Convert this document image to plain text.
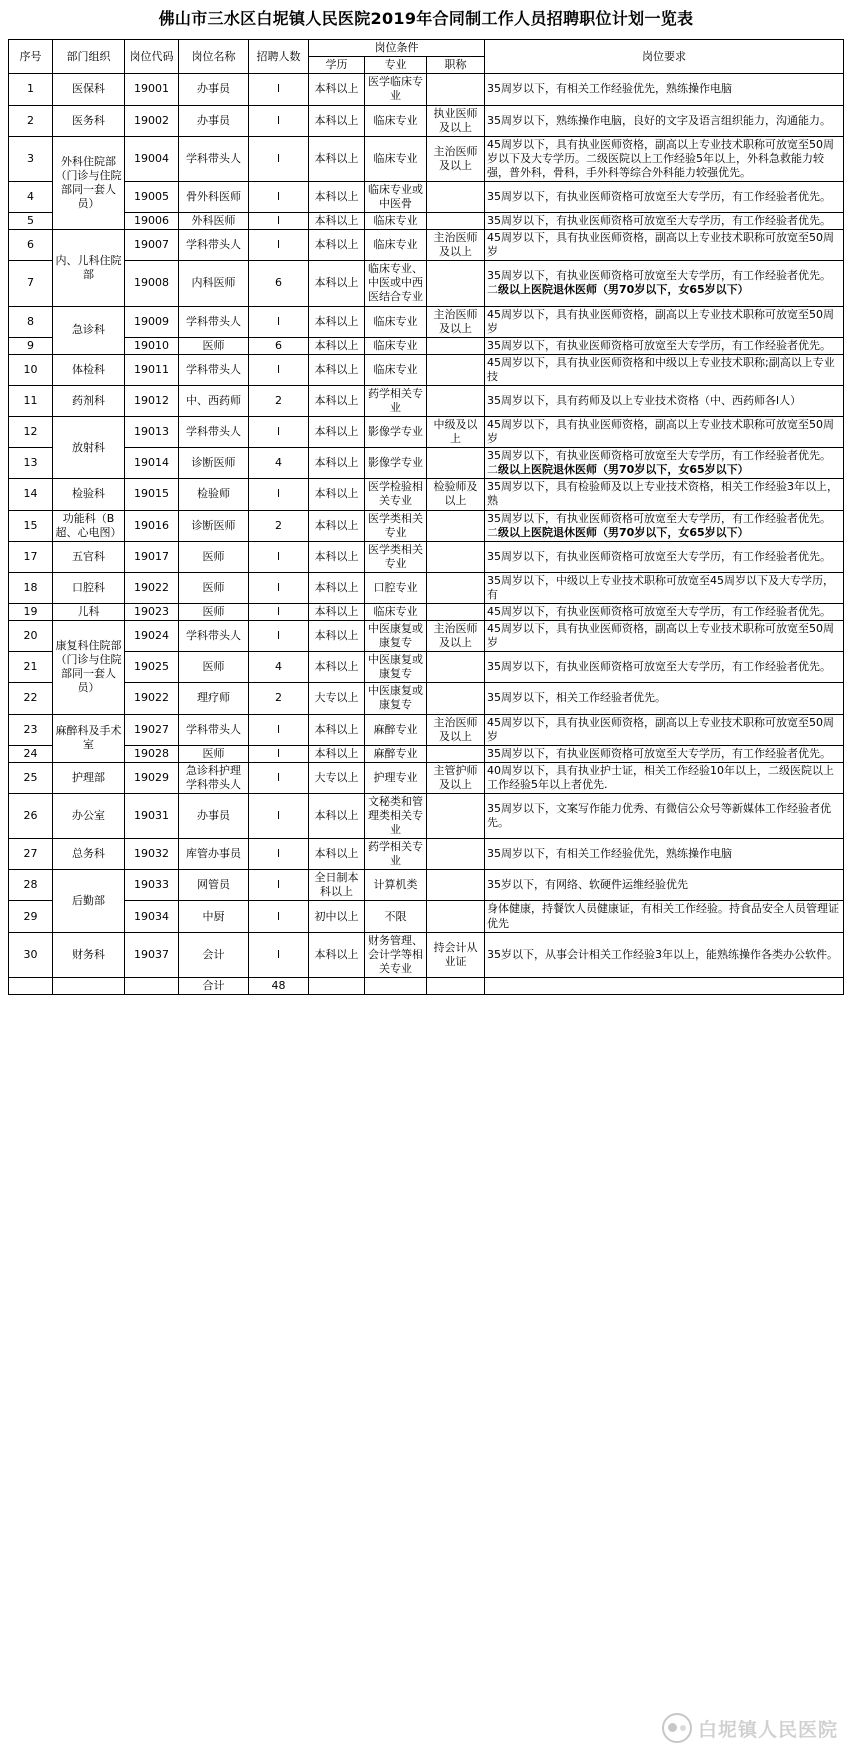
佛山市三水区白坭镇人民医院2019年合同制工作人员招聘职位计划一览表
序号	部门组织	岗位代码	岗位名称	招聘人数	岗位条件			岗位要求
					学历	专业	职称	
1	医保科	19001	办事员	l	本科以上	医学临床专业		35周岁以下，有相关工作经验优先，熟练操作电脑
2	医务科	19002	办事员	l	本科以上	临床专业	执业医师及以上	35周岁以下，熟练操作电脑，良好的文字及语言组织能力，沟通能力。
3	外科住院部（门诊与住院部同一套人员）	19004	学科带头人	l	本科以上	临床专业	主治医师及以上	45周岁以下，具有执业医师资格，副高以上专业技术职称可放宽至50周岁以下及大专学历。二级医院以上工作经验5年以上，外科急救能力较强，普外科，骨科，手外科等综合外科能力较强优先。
4		19005	骨外科医师	l	本科以上	临床专业或中医骨		35周岁以下，有执业医师资格可放宽至大专学历，有工作经验者优先。
5		19006	外科医师	l	本科以上	临床专业		35周岁以下，有执业医师资格可放宽至大专学历，有工作经验者优先。
6	内、儿科住院部	19007	学科带头人	l	本科以上	临床专业	主治医师及以上	45周岁以下，具有执业医师资格，副高以上专业技术职称可放宽至50周岁
7		19008	内科医师	6	本科以上	临床专业、中医或中西医结合专业		35周岁以下，有执业医师资格可放宽至大专学历，有工作经验者优先。二级以上医院退休医师（男70岁以下，女65岁以下）
8	急诊科	19009	学科带头人	l	本科以上	临床专业	主治医师及以上	45周岁以下，具有执业医师资格，副高以上专业技术职称可放宽至50周岁
9		19010	医师	6	本科以上	临床专业		35周岁以下，有执业医师资格可放宽至大专学历，有工作经验者优先。
10	体检科	19011	学科带头人	l	本科以上	临床专业		45周岁以下，具有执业医师资格和中级以上专业技术职称;副高以上专业技
11	药剂科	19012	中、西药师	2	本科以上	药学相关专业		35周岁以下，具有药师及以上专业技术资格（中、西药师各l人）
12	放射科	19013	学科带头人	l	本科以上	影像学专业	中级及以上	45周岁以下，具有执业医师资格，副高以上专业技术职称可放宽至50周岁
13		19014	诊断医师	4	本科以上	影像学专业		35周岁以下，有执业医师资格可放宽至大专学历，有工作经验者优先。二级以上医院退休医师（男70岁以下，女65岁以下）
14	检验科	19015	检验师	l	本科以上	医学检验相关专业	检验师及以上	35周岁以下，具有检验师及以上专业技术资格，相关工作经验3年以上，熟
15	功能科（B超、心电图）	19016	诊断医师	2	本科以上	医学类相关专业		35周岁以下，有执业医师资格可放宽至大专学历，有工作经验者优先。二级以上医院退休医师（男70岁以下，女65岁以下）
17	五官科	19017	医师	l	本科以上	医学类相关专业		35周岁以下，有执业医师资格可放宽至大专学历，有工作经验者优先。
18	口腔科	19022	医师	l	本科以上	口腔专业		35周岁以下，中级以上专业技术职称可放宽至45周岁以下及大专学历，有
19	儿科	19023	医师	l	本科以上	临床专业		45周岁以下，有执业医师资格可放宽至大专学历，有工作经验者优先。
20	康复科住院部（门诊与住院部同一套人员）	19024	学科带头人	l	本科以上	中医康复或康复专	主治医师及以上	45周岁以下，具有执业医师资格，副高以上专业技术职称可放宽至50周岁
21		19025	医师	4	本科以上	中医康复或康复专		35周岁以下，有执业医师资格可放宽至大专学历，有工作经验者优先。
22		19022	理疗师	2	大专以上	中医康复或康复专		35周岁以下，相关工作经验者优先。
23	麻醉科及手术室	19027	学科带头人	l	本科以上	麻醉专业	主治医师及以上	45周岁以下，具有执业医师资格，副高以上专业技术职称可放宽至50周岁
24		19028	医师	l	本科以上	麻醉专业		35周岁以下，有执业医师资格可放宽至大专学历，有工作经验者优先。
25	护理部	19029	急诊科护理学科带头人	l	大专以上	护理专业	主管护师及以上	40周岁以下，具有执业护士证，相关工作经验10年以上，二级医院以上工作经验5年以上者优先.
26	办公室	19031	办事员	l	本科以上	文秘类和管理类相关专业		35周岁以下，文案写作能力优秀、有微信公众号等新媒体工作经验者优先。
27	总务科	19032	库管办事员	l	本科以上	药学相关专业		35周岁以下，有相关工作经验优先，熟练操作电脑
28	后勤部	19033	网管员	l	全日制本科以上	计算机类		35岁以下，有网络、软硬件运维经验优先
29		19034	中厨	l	初中以上	不限		身体健康，持餐饮人员健康证，有相关工作经验。持食品安全人员管理证优先
30	财务科	19037	会计	l	本科以上	财务管理、会计学等相关专业	持会计从业证	35岁以下，从事会计相关工作经验3年以上，能熟练操作各类办公软件。
			合计	48				
白坭镇人民医院
